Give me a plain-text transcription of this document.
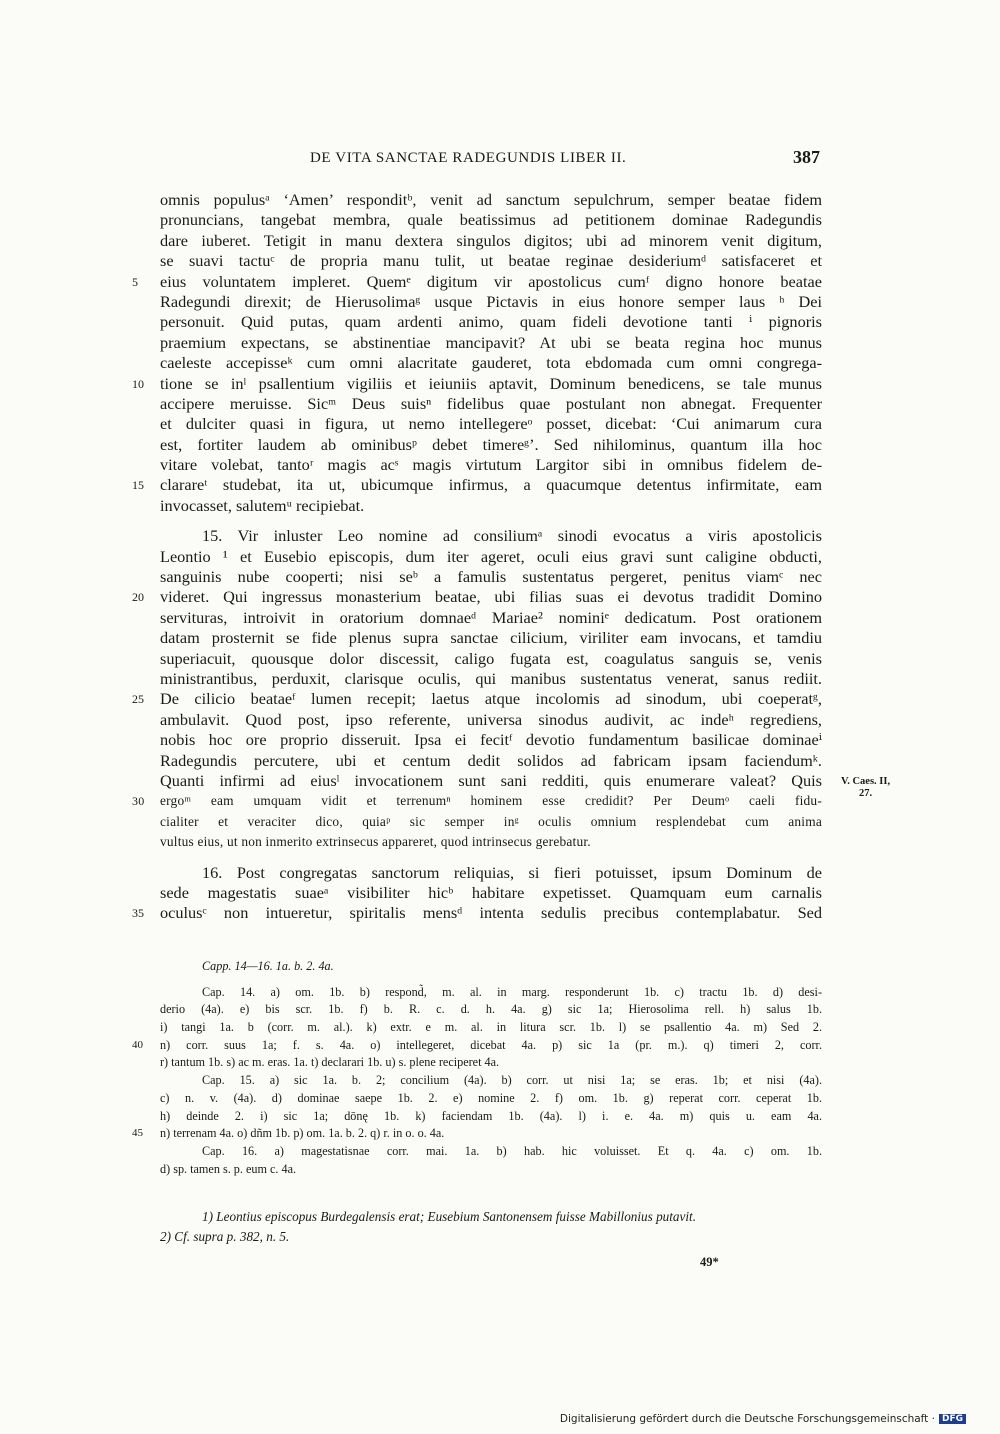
DE VITA SANCTAE RADEGUNDIS LIBER II.	387
omnis populusᵃ ‘Amen’ responditᵇ, venit ad sanctum sepulchrum, semper beatae fidem
pronuncians, tangebat membra, quale beatissimus ad petitionem dominae Radegundis
dare iuberet. Tetigit in manu dextera singulos digitos; ubi ad minorem venit digitum,
se suavi tactuᶜ de propria manu tulit, ut beatae reginae desideriumᵈ satisfaceret et
5	eius voluntatem impleret. Quemᵉ digitum vir apostolicus cumᶠ digno honore beatae
Radegundi direxit; de Hierusolimaᵍ usque Pictavis in eius honore semper laus ʰ Dei
personuit. Quid putas, quam ardenti animo, quam fideli devotione tanti ⁱ pignoris
praemium expectans, se abstinentiae mancipavit? At ubi se beata regina hoc munus
caeleste accepisseᵏ cum omni alacritate gauderet, tota ebdomada cum omni congrega-
10 tione se inˡ psallentium vigiliis et ieiuniis aptavit, Dominum benedicens, se tale munus
accipere meruisse. Sicᵐ Deus suisⁿ fidelibus quae postulant non abnegat. Frequenter
et dulciter quasi in figura, ut nemo intellegereᵒ posset, dicebat: ‘Cui animarum cura
est, fortiter laudem ab ominibusᵖ debet timereᵍ’. Sed nihilominus, quantum illa hoc
vitare volebat, tantoʳ magis acˢ magis virtutum Largitor sibi in omnibus fidelem de-
15 clarareᵗ studebat, ita ut, ubicumque infirmus, a quacumque detentus infirmitate, eam
invocasset, salutemᵘ recipiebat.
15. Vir inluster Leo nomine ad consiliumᵃ sinodi evocatus a viris apostolicis
Leontio ¹ et Eusebio episcopis, dum iter ageret, oculi eius gravi sunt caligine obducti,
sanguinis nube cooperti; nisi seᵇ a famulis sustentatus pergeret, penitus viamᶜ nec
20 videret. Qui ingressus monasterium beatae, ubi filias suas ei devotus tradidit Domino
servituras, introivit in oratorium domnaeᵈ Mariae² nominiᵉ dedicatum. Post orationem
datam prosternit se fide plenus supra sanctae cilicium, viriliter eam invocans, et tamdiu
superiacuit, quousque dolor discessit, caligo fugata est, coagulatus sanguis se, venis
ministrantibus, perduxit, clarisque oculis, qui manibus sustentatus venerat, sanus rediit.
25 De cilicio beataeᶠ lumen recepit; laetus atque incolomis ad sinodum, ubi coeperatᵍ,
ambulavit. Quod post, ipso referente, universa sinodus audivit, ac indeʰ regrediens,
nobis hoc ore proprio disseruit. Ipsa ei fecitᶠ devotio fundamentum basilicae dominaeⁱ
Radegundis percutere, ubi et centum dedit solidos ad fabricam ipsam faciendumᵏ.
Quanti infirmi ad eiusˡ invocationem sunt sani redditi, quis enumerare valeat? Quis
30	ergoᵐ eam umquam vidit et terrenumⁿ hominem esse credidit? Per Deumᵒ caeli fidu-
cialiter et veraciter dico, quiaᵖ sic semper inᵍ oculis omnium resplendebat cum anima
vultus eius, ut non inmerito extrinsecus appareret, quod intrinsecus gerebatur.
16. Post congregatas sanctorum reliquias, si fieri potuisset, ipsum Dominum de
sede magestatis suaeᵃ visibiliter hicᵇ habitare expetisset. Quamquam eum carnalis
35 oculusᶜ non intueretur, spiritalis mensᵈ intenta sedulis precibus contemplabatur. Sed
V. Caes. II,
27.
Capp. 14—16. 1a. b. 2. 4a.
Cap. 14. a) om. 1b. b) respond̃, m. al. in marg. responderunt 1b. c) tractu 1b. d) desi-
derio (4a). e) bis scr. 1b. f) b. R. c. d. h. 4a. g) sic 1a; Hierosolima rell. h) salus 1b.
i) tangi 1a. b (corr. m. al.). k) extr. e m. al. in litura scr. 1b. l) se psallentio 4a. m) Sed 2.
40	n) corr. suus 1a; f. s. 4a. o) intellegeret, dicebat 4a. p) sic 1a (pr. m.). q) timeri 2, corr.
r) tantum 1b. s) ac m. eras. 1a. t) declarari 1b. u) s. plene reciperet 4a.
Cap. 15. a) sic 1a. b. 2; concilium (4a). b) corr. ut nisi 1a; se eras. 1b; et nisi (4a).
c) n. v. (4a). d) dominae saepe 1b. 2. e) nomine 2. f) om. 1b. g) reperat corr. ceperat 1b.
h) deinde 2. i) sic 1a; dōnę 1b. k) faciendam 1b. (4a). l) i. e. 4a. m) quis u. eam 4a.
45	n) terrenam 4a. o) dñm 1b. p) om. 1a. b. 2. q) r. in o. o. 4a.
Cap. 16. a) magestatisnae corr. mai. 1a. b) hab. hic voluisset. Et q. 4a. c) om. 1b.
d) sp. tamen s. p. eum c. 4a.
1) Leontius episcopus Burdegalensis erat; Eusebium Santonensem fuisse Mabillonius putavit.
2) Cf. supra p. 382, n. 5.
49*
Digitalisierung gefördert durch die Deutsche Forschungsgemeinschaft · DFG
